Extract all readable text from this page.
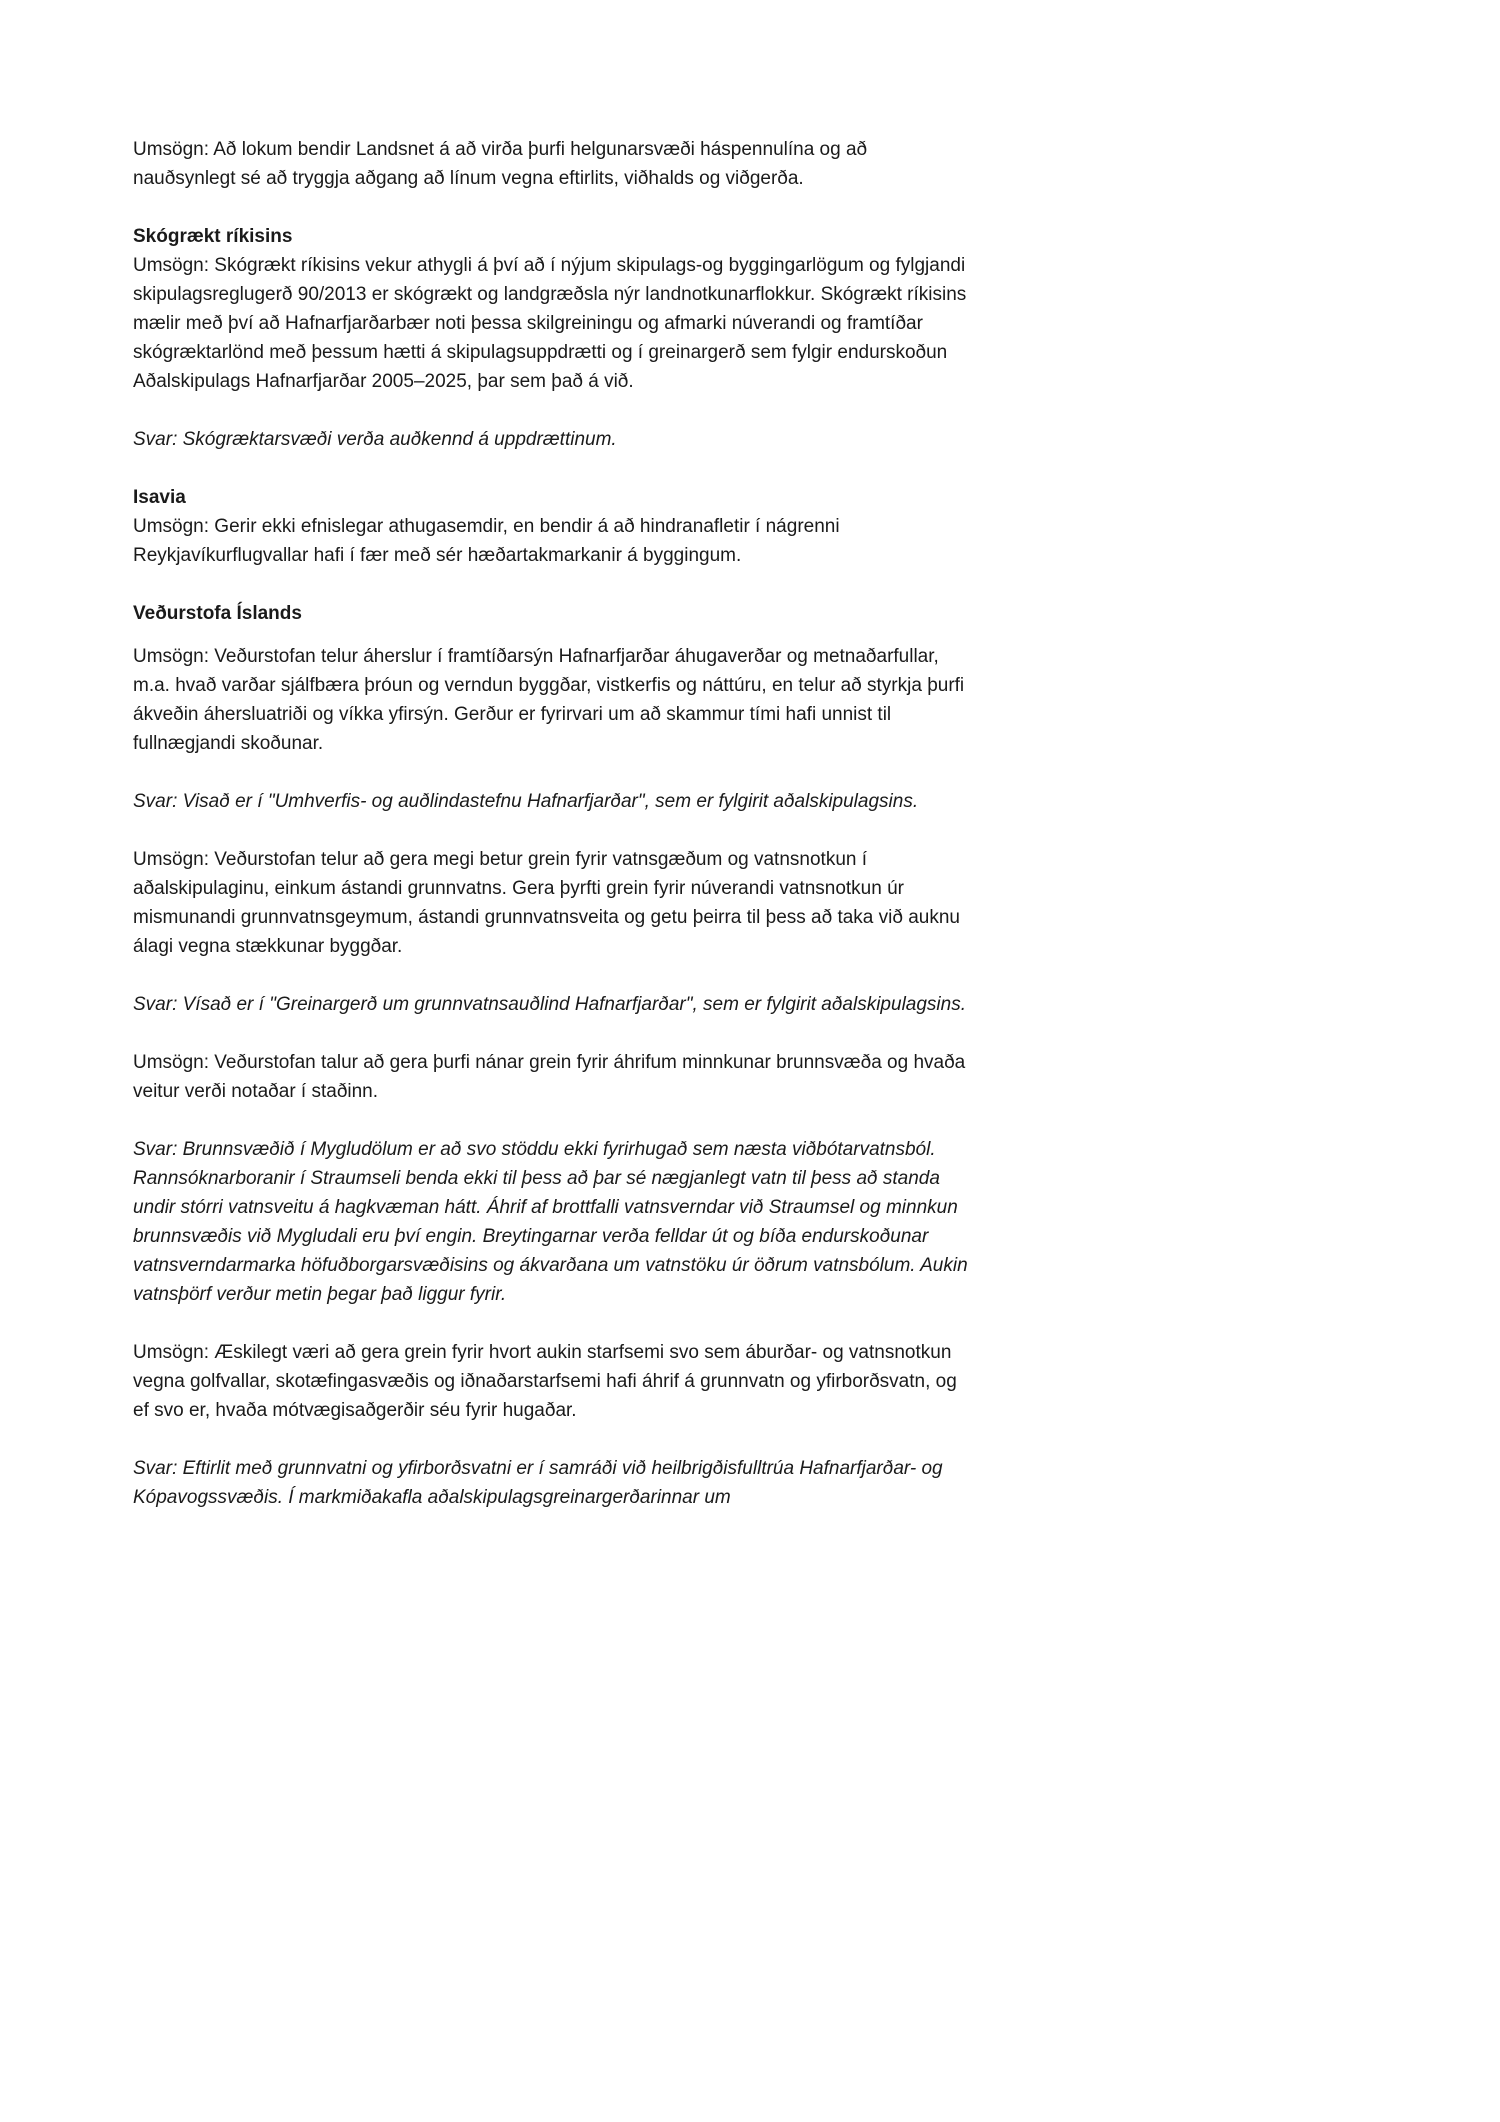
Umsögn: Að lokum bendir Landsnet á að virða þurfi helgunarsvæði háspennulína og að nauðsynlegt sé að tryggja aðgang að línum vegna eftirlits, viðhalds og viðgerða.

Skógrækt ríkisins

Umsögn: Skógrækt ríkisins vekur athygli á því að í nýjum skipulags-og byggingarlögum og fylgjandi skipulagsreglugerð 90/2013 er skógrækt og landgræðsla nýr landnotkunarflokkur. Skógrækt ríkisins mælir með því að Hafnarfjarðarbær noti þessa skilgreiningu og afmarki núverandi og framtíðar skógræktarlönd með þessum hætti á skipulagsuppdrætti og í greinargerð sem fylgir endurskoðun Aðalskipulags Hafnarfjarðar 2005–2025, þar sem það á við.

Svar: Skógræktarsvæði verða auðkennd á uppdrættinum.

Isavia

Umsögn: Gerir ekki efnislegar athugasemdir, en bendir á að hindranafletir í nágrenni Reykjavíkurflugvallar hafi í fær með sér hæðartakmarkanir á byggingum.

Veðurstofa Íslands

Umsögn: Veðurstofan telur áherslur í framtíðarsýn Hafnarfjarðar áhugaverðar og metnaðarfullar, m.a. hvað varðar sjálfbæra þróun og verndun byggðar, vistkerfis og náttúru, en telur að styrkja þurfi ákveðin áhersluatriði og víkka yfirsýn. Gerður er fyrirvari um að skammur tími hafi unnist til fullnægjandi skoðunar.

Svar: Visað er í "Umhverfis- og auðlindastefnu Hafnarfjarðar", sem er fylgirit aðalskipulagsins.

Umsögn: Veðurstofan telur að gera megi betur grein fyrir vatnsgæðum og vatnsnotkun í aðalskipulaginu, einkum ástandi grunnvatns. Gera þyrfti grein fyrir núverandi vatnsnotkun úr mismunandi grunnvatnsgeymum, ástandi grunnvatnsveita og getu þeirra til þess að taka við auknu álagi vegna stækkunar byggðar.

Svar: Vísað er í "Greinargerð um grunnvatnsauðlind Hafnarfjarðar", sem er fylgirit aðalskipulagsins.

Umsögn: Veðurstofan talur að gera þurfi nánar grein fyrir áhrifum minnkunar brunnsvæða og hvaða veitur verði notaðar í staðinn.

Svar: Brunnsvæðið í Mygludölum er að svo stöddu ekki fyrirhugað sem næsta viðbótarvatnsból. Rannsóknarboranir í Straumseli benda ekki til þess að þar sé nægjanlegt vatn til þess að standa undir stórri vatnsveitu á hagkvæman hátt. Áhrif af brottfalli vatnsverndar við Straumsel og minnkun brunnsvæðis við Mygludali eru því engin. Breytingarnar verða felldar út og bíða endurskoðunar vatnsverndarmarka höfuðborgarsvæðisins og ákvarðana um vatnstöku úr öðrum vatnsbólum. Aukin vatnsþörf verður metin þegar það liggur fyrir.

Umsögn: Æskilegt væri að gera grein fyrir hvort aukin starfsemi svo sem áburðar- og vatnsnotkun vegna golfvallar, skotæfingasvæðis og iðnaðarstarfsemi hafi áhrif á grunnvatn og yfirborðsvatn, og ef svo er, hvaða mótvægisaðgerðir séu fyrir hugaðar.

Svar: Eftirlit með grunnvatni og yfirborðsvatni er í samráði við heilbrigðisfulltrúa Hafnarfjarðar- og Kópavogssvæðis. Í markmiðakafla aðalskipulagsgreinargerðarinnar um
